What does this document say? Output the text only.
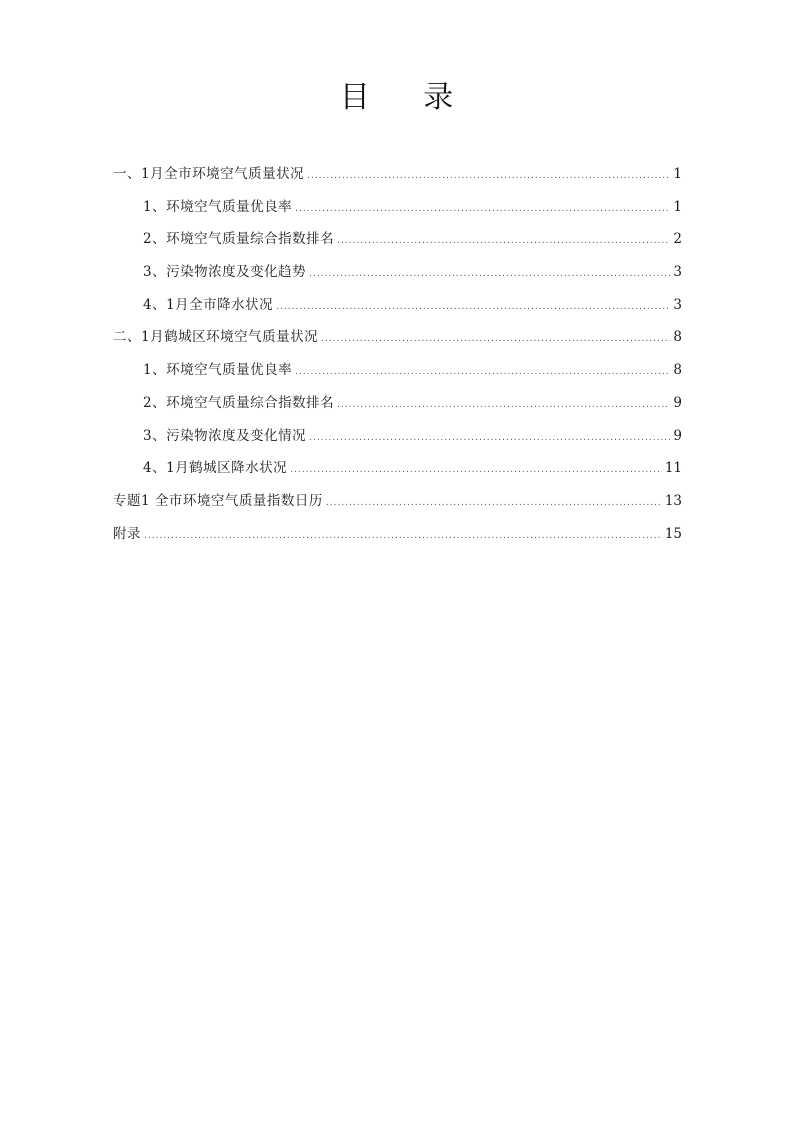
目 录
一、1月全市环境空气质量状况 .....	1
1、环境空气质量优良率 .....	1
2、环境空气质量综合指数排名 .....	2
3、污染物浓度及变化趋势 .....	3
4、1月全市降水状况 .....	3
二、1月鹤城区环境空气质量状况 .....	8
1、环境空气质量优良率 .....	8
2、环境空气质量综合指数排名 .....	9
3、污染物浓度及变化情况 .....	9
4、1月鹤城区降水状况 .....	11
专题1 全市环境空气质量指数日历 .....	13
附录 .....	15
